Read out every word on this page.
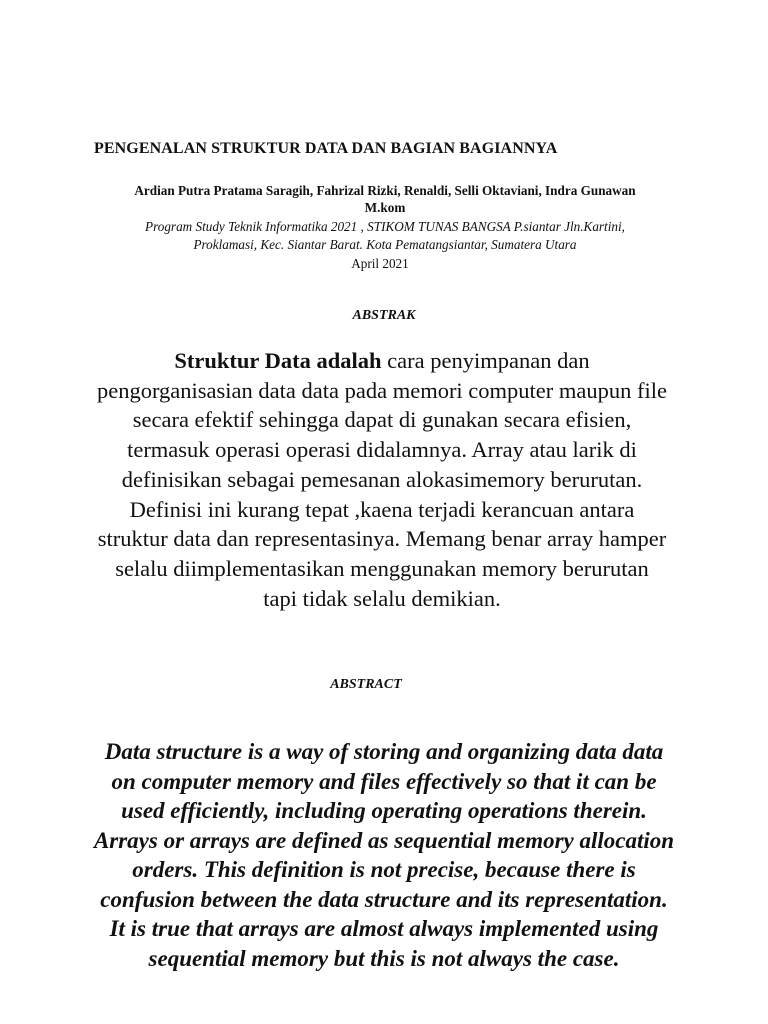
PENGENALAN STRUKTUR DATA DAN BAGIAN BAGIANNYA
Ardian Putra Pratama Saragih, Fahrizal Rizki, Renaldi, Selli Oktaviani, Indra Gunawan
M.kom
Program Study Teknik Informatika 2021 , STIKOM TUNAS BANGSA P.siantar Jln.Kartini,
Proklamasi, Kec. Siantar Barat. Kota Pematangsiantar, Sumatera Utara
April 2021
ABSTRAK
Struktur Data adalah cara penyimpanan dan
pengorganisasian data data pada memori computer maupun file
secara efektif sehingga dapat di gunakan secara efisien,
termasuk operasi operasi didalamnya. Array atau larik di
definisikan sebagai pemesanan alokasimemory berurutan.
Definisi ini kurang tepat ,kaena terjadi kerancuan antara
struktur data dan representasinya. Memang benar array hamper
selalu diimplementasikan menggunakan memory berurutan
tapi tidak selalu demikian.
ABSTRACT
Data structure is a way of storing and organizing data data
on computer memory and files effectively so that it can be
used efficiently, including operating operations therein.
Arrays or arrays are defined as sequential memory allocation
orders. This definition is not precise, because there is
confusion between the data structure and its representation.
It is true that arrays are almost always implemented using
sequential memory but this is not always the case.
